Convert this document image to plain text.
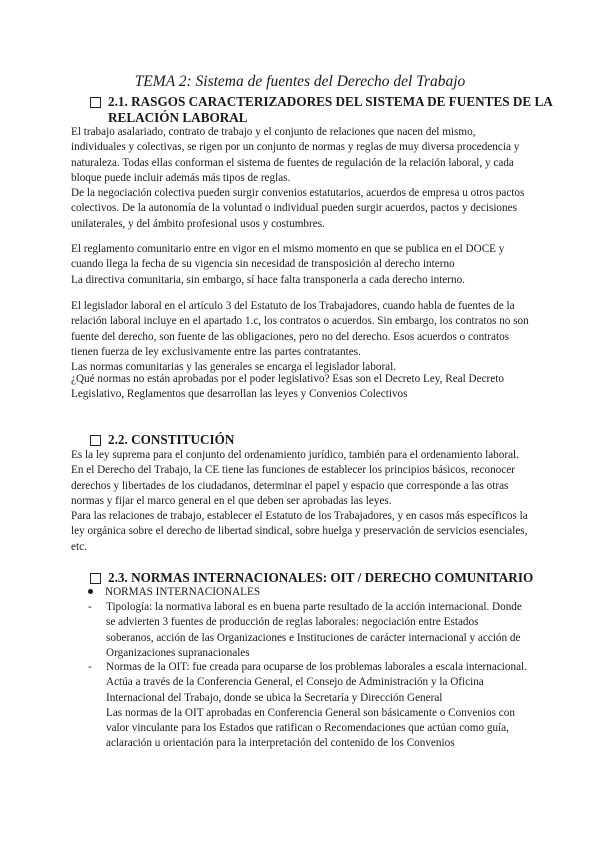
TEMA 2: Sistema de fuentes del Derecho del Trabajo
2.1. RASGOS CARACTERIZADORES DEL SISTEMA DE FUENTES DE LA
RELACIÓN LABORAL
El trabajo asalariado, contrato de trabajo y el conjunto de relaciones que nacen del mismo,
individuales y colectivas, se rigen por un conjunto de normas y reglas de muy diversa procedencia y
naturaleza. Todas ellas conforman el sistema de fuentes de regulación de la relación laboral, y cada
bloque puede incluir además más tipos de reglas.
De la negociación colectiva pueden surgir convenios estatutarios, acuerdos de empresa u otros pactos
colectivos. De la autonomía de la voluntad o individual pueden surgir acuerdos, pactos y decisiones
unilaterales, y del ámbito profesional usos y costumbres.
El reglamento comunitario entre en vigor en el mismo momento en que se publica en el DOCE y
cuando llega la fecha de su vigencia sin necesidad de transposición al derecho interno
La directiva comunitaria, sin embargo, sí hace falta transponerla a cada derecho interno.
El legislador laboral en el artículo 3 del Estatuto de los Trabajadores, cuando habla de fuentes de la
relación laboral incluye en el apartado 1.c, los contratos o acuerdos. Sin embargo, los contratos no son
fuente del derecho, son fuente de las obligaciones, pero no del derecho. Esos acuerdos o contratos
tienen fuerza de ley exclusivamente entre las partes contratantes.
Las normas comunitarias y las generales se encarga el legislador laboral.
¿Qué normas no están aprobadas por el poder legislativo? Esas son el Decreto Ley, Real Decreto
Legislativo, Reglamentos que desarrollan las leyes y Convenios Colectivos
2.2. CONSTITUCIÓN
Es la ley suprema para el conjunto del ordenamiento jurídico, también para el ordenamiento laboral.
En el Derecho del Trabajo, la CE tiene las funciones de establecer los principios básicos, reconocer
derechos y libertades de los ciudadanos, determinar el papel y espacio que corresponde a las otras
normas y fijar el marco general en el que deben ser aprobadas las leyes.
Para las relaciones de trabajo, establecer el Estatuto de los Trabajadores, y en casos más específicos la
ley orgánica sobre el derecho de libertad sindical, sobre huelga y preservación de servicios esenciales,
etc.
2.3. NORMAS INTERNACIONALES: OIT / DERECHO COMUNITARIO
NORMAS INTERNACIONALES
- Tipología: la normativa laboral es en buena parte resultado de la acción internacional. Donde
se advierten 3 fuentes de producción de reglas laborales: negociación entre Estados
soberanos, acción de las Organizaciones e Instituciones de carácter internacional y acción de
Organizaciones supranacionales
- Normas de la OIT: fue creada para ocuparse de los problemas laborales a escala internacional.
Actúa a través de la Conferencia General, el Consejo de Administración y la Oficina
Internacional del Trabajo, donde se ubica la Secretaría y Dirección General
Las normas de la OIT aprobadas en Conferencia General son básicamente o Convenios con
valor vinculante para los Estados que ratifican o Recomendaciones que actúan como guía,
aclaración u orientación para la interpretación del contenido de los Convenios
